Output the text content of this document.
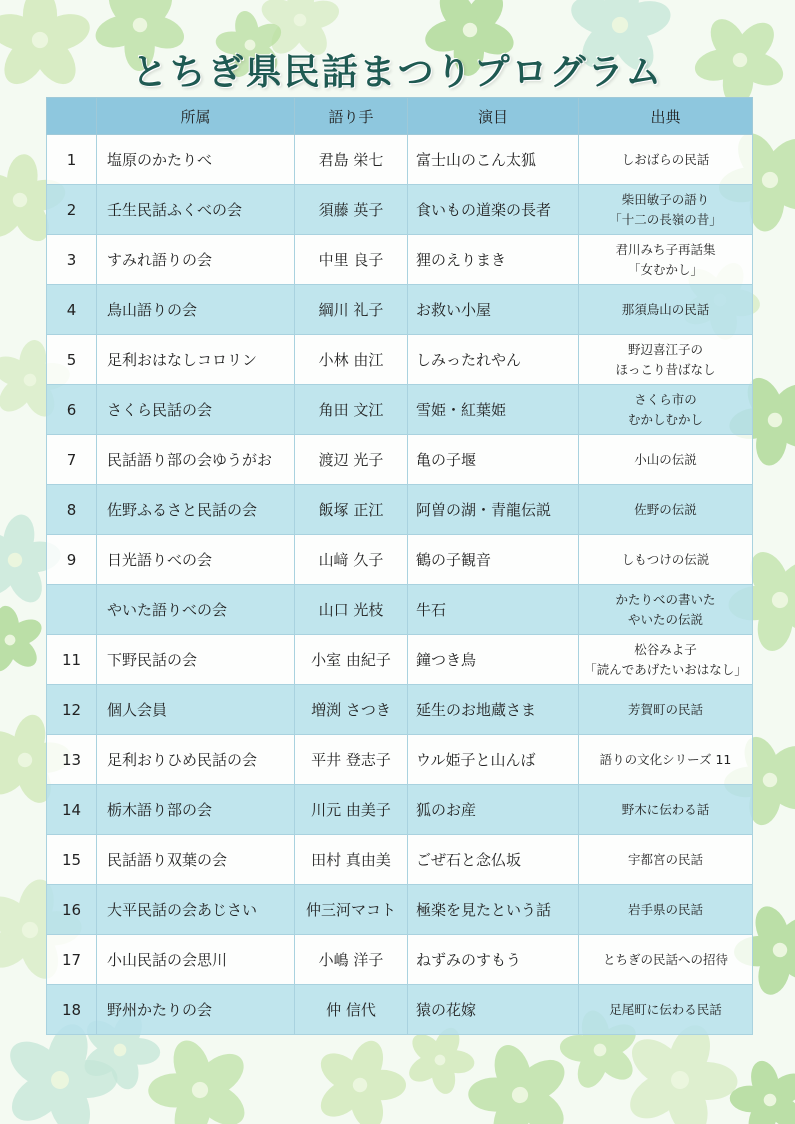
とちぎ県民話まつりプログラム
	所属	語り手	演目	出典
1	塩原のかたりべ	君島 栄七	富士山のこん太狐	しおばらの民話

2	壬生民話ふくべの会	須藤 英子	食いもの道楽の長者	柴田敏子の語り
「十二の長嶺の昔」

3	すみれ語りの会	中里 良子	狸のえりまき	君川みち子再話集
「女むかし」

4	鳥山語りの会	綱川 礼子	お救い小屋	那須鳥山の民話

5	足利おはなしコロリン	小林 由江	しみったれやん	野辺喜江子の
ほっこり昔ばなし

6	さくら民話の会	角田 文江	雪姫・紅葉姫	さくら市の
むかしむかし

7	民話語り部の会ゆうがお	渡辺 光子	亀の子堰	小山の伝説

8	佐野ふるさと民話の会	飯塚 正江	阿曽の湖・青龍伝説	佐野の伝説

9	日光語りべの会	山﨑 久子	鶴の子観音	しもつけの伝説

	やいた語りべの会	山口 光枝	牛石	かたりべの書いた
やいたの伝説

11	下野民話の会	小室 由紀子	鐘つき鳥	松谷みよ子
「読んであげたいおはなし」

12	個人会員	増渕 さつき	延生のお地蔵さま	芳賀町の民話

13	足利おりひめ民話の会	平井 登志子	ウル姫子と山んば	語りの文化シリーズ 11

14	栃木語り部の会	川元 由美子	狐のお産	野木に伝わる話

15	民話語り双葉の会	田村 真由美	ごぜ石と念仏坂	宇都宮の民話

16	大平民話の会あじさい	仲三河マコト	極楽を見たという話	岩手県の民話

17	小山民話の会思川	小嶋 洋子	ねずみのすもう	とちぎの民話への招待

18	野州かたりの会	仲 信代	猿の花嫁	足尾町に伝わる民話
